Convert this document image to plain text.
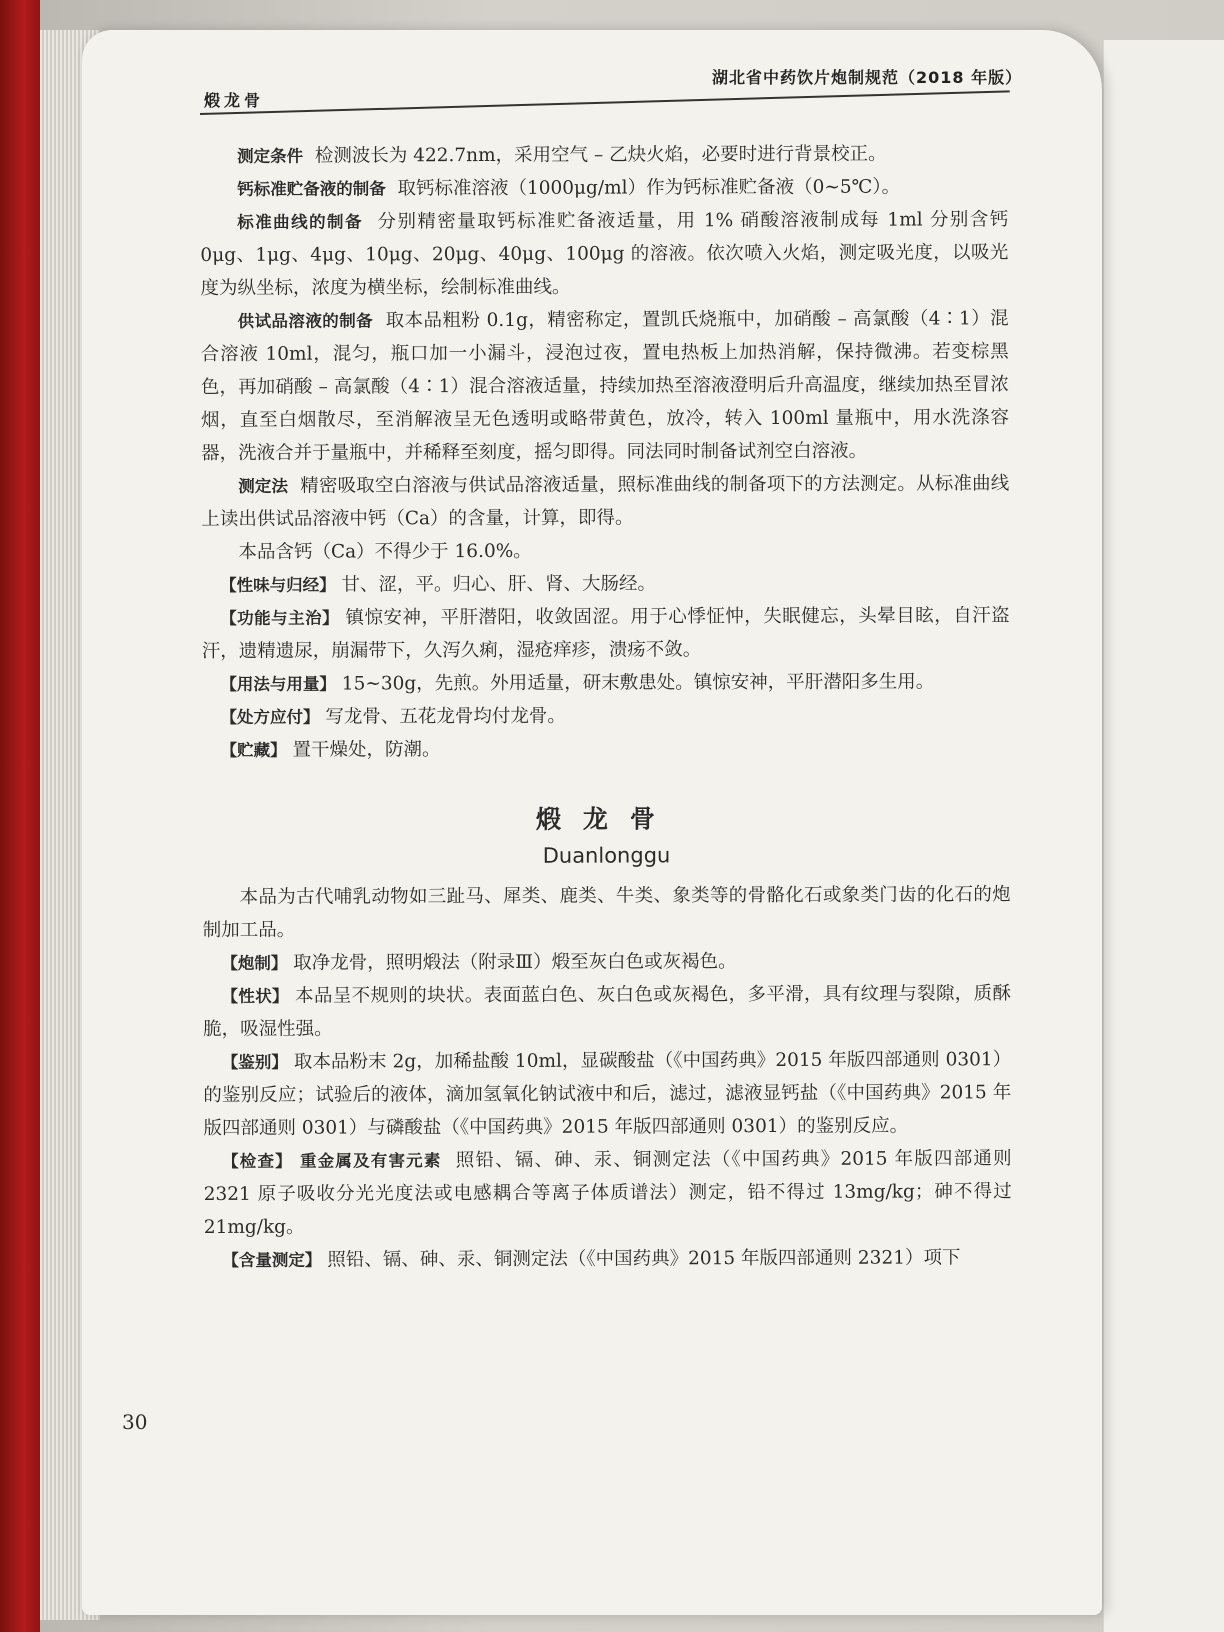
湖北省中药饮片炮制规范（2018 年版）
煅龙骨

测定条件 检测波长为 422.7nm，采用空气 – 乙炔火焰，必要时进行背景校正。

钙标准贮备液的制备 取钙标准溶液（1000μg/ml）作为钙标准贮备液（0~5℃）。

标准曲线的制备 分别精密量取钙标准贮备液适量，用 1% 硝酸溶液制成每 1ml 分别含钙 0μg、1μg、4μg、10μg、20μg、40μg、100μg 的溶液。依次喷入火焰，测定吸光度，以吸光度为纵坐标，浓度为横坐标，绘制标准曲线。

供试品溶液的制备 取本品粗粉 0.1g，精密称定，置凯氏烧瓶中，加硝酸 – 高氯酸（4∶1）混合溶液 10ml，混匀，瓶口加一小漏斗，浸泡过夜，置电热板上加热消解，保持微沸。若变棕黑色，再加硝酸 – 高氯酸（4∶1）混合溶液适量，持续加热至溶液澄明后升高温度，继续加热至冒浓烟，直至白烟散尽，至消解液呈无色透明或略带黄色，放冷，转入 100ml 量瓶中，用水洗涤容器，洗液合并于量瓶中，并稀释至刻度，摇匀即得。同法同时制备试剂空白溶液。

测定法 精密吸取空白溶液与供试品溶液适量，照标准曲线的制备项下的方法测定。从标准曲线上读出供试品溶液中钙（Ca）的含量，计算，即得。

本品含钙（Ca）不得少于 16.0%。

【性味与归经】 甘、涩，平。归心、肝、肾、大肠经。

【功能与主治】 镇惊安神，平肝潜阳，收敛固涩。用于心悸怔忡，失眠健忘，头晕目眩，自汗盗汗，遗精遗尿，崩漏带下，久泻久痢，湿疮痒疹，溃疡不敛。

【用法与用量】 15~30g，先煎。外用适量，研末敷患处。镇惊安神，平肝潜阳多生用。

【处方应付】 写龙骨、五花龙骨均付龙骨。

【贮藏】 置干燥处，防潮。

煅龙骨
Duanlonggu

本品为古代哺乳动物如三趾马、犀类、鹿类、牛类、象类等的骨骼化石或象类门齿的化石的炮制加工品。

【炮制】 取净龙骨，照明煅法（附录Ⅲ）煅至灰白色或灰褐色。

【性状】 本品呈不规则的块状。表面蓝白色、灰白色或灰褐色，多平滑，具有纹理与裂隙，质酥脆，吸湿性强。

【鉴别】 取本品粉末 2g，加稀盐酸 10ml，显碳酸盐（《中国药典》2015 年版四部通则 0301）的鉴别反应；试验后的液体，滴加氢氧化钠试液中和后，滤过，滤液显钙盐（《中国药典》2015 年版四部通则 0301）与磷酸盐（《中国药典》2015 年版四部通则 0301）的鉴别反应。

【检查】 重金属及有害元素 照铅、镉、砷、汞、铜测定法（《中国药典》2015 年版四部通则 2321 原子吸收分光光度法或电感耦合等离子体质谱法）测定，铅不得过 13mg/kg；砷不得过 21mg/kg。

【含量测定】 照铅、镉、砷、汞、铜测定法（《中国药典》2015 年版四部通则 2321）项下

30
